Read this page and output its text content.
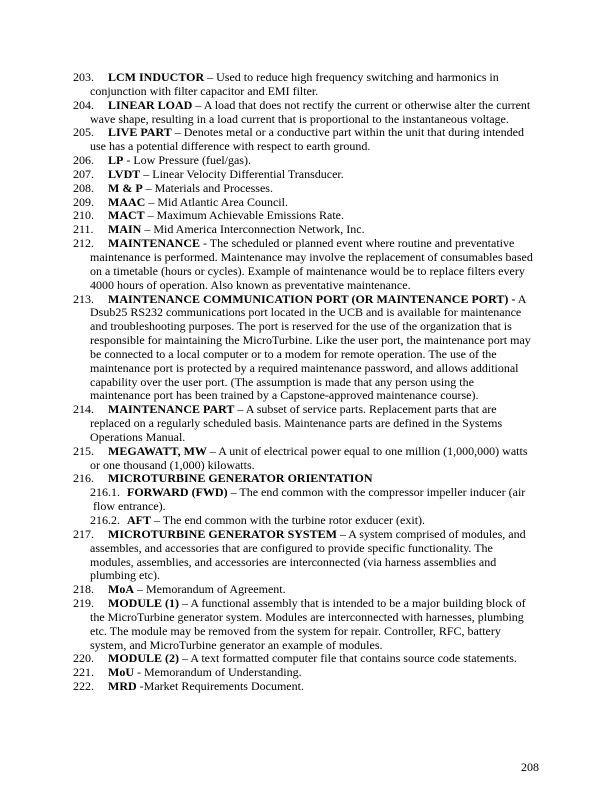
203. LCM INDUCTOR – Used to reduce high frequency switching and harmonics in
conjunction with filter capacitor and EMI filter.
204. LINEAR LOAD – A load that does not rectify the current or otherwise alter the current
wave shape, resulting in a load current that is proportional to the instantaneous voltage.
205. LIVE PART – Denotes metal or a conductive part within the unit that during intended
use has a potential difference with respect to earth ground.
206. LP - Low Pressure (fuel/gas).
207. LVDT – Linear Velocity Differential Transducer.
208. M & P – Materials and Processes.
209. MAAC – Mid Atlantic Area Council.
210. MACT – Maximum Achievable Emissions Rate.
211. MAIN – Mid America Interconnection Network, Inc.
212. MAINTENANCE - The scheduled or planned event where routine and preventative
maintenance is performed. Maintenance may involve the replacement of consumables based
on a timetable (hours or cycles). Example of maintenance would be to replace filters every
4000 hours of operation. Also known as preventative maintenance.
213. MAINTENANCE COMMUNICATION PORT (OR MAINTENANCE PORT) - A
Dsub25 RS232 communications port located in the UCB and is available for maintenance
and troubleshooting purposes. The port is reserved for the use of the organization that is
responsible for maintaining the MicroTurbine. Like the user port, the maintenance port may
be connected to a local computer or to a modem for remote operation. The use of the
maintenance port is protected by a required maintenance password, and allows additional
capability over the user port. (The assumption is made that any person using the
maintenance port has been trained by a Capstone-approved maintenance course).
214. MAINTENANCE PART – A subset of service parts. Replacement parts that are
replaced on a regularly scheduled basis. Maintenance parts are defined in the Systems
Operations Manual.
215. MEGAWATT, MW – A unit of electrical power equal to one million (1,000,000) watts
or one thousand (1,000) kilowatts.
216. MICROTURBINE GENERATOR ORIENTATION
216.1. FORWARD (FWD) – The end common with the compressor impeller inducer (air
flow entrance).
216.2. AFT – The end common with the turbine rotor exducer (exit).
217. MICROTURBINE GENERATOR SYSTEM – A system comprised of modules, and
assembles, and accessories that are configured to provide specific functionality. The
modules, assemblies, and accessories are interconnected (via harness assemblies and
plumbing etc).
218. MoA – Memorandum of Agreement.
219. MODULE (1) – A functional assembly that is intended to be a major building block of
the MicroTurbine generator system. Modules are interconnected with harnesses, plumbing
etc. The module may be removed from the system for repair. Controller, RFC, battery
system, and MicroTurbine generator an example of modules.
220. MODULE (2) – A text formatted computer file that contains source code statements.
221. MoU - Memorandum of Understanding.
222. MRD -Market Requirements Document.
208
